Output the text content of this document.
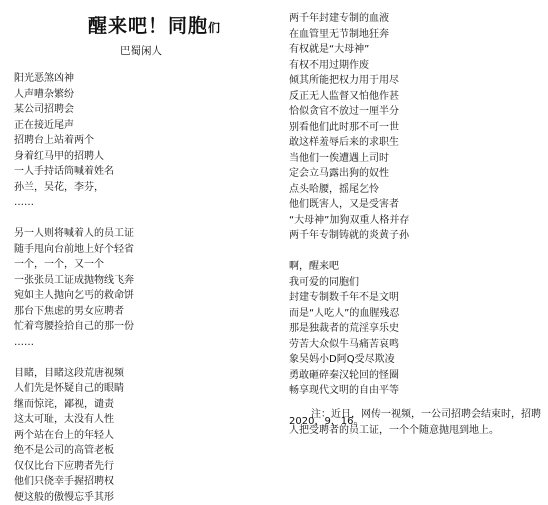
醒来吧！同胞们
巴蜀闲人
阳光恶煞凶神
人声嘈杂繁纷
某公司招聘会
正在接近尾声
招聘台上站着两个
身着红马甲的招聘人
一人手持话筒喊着姓名
孙兰，吴花，李芬，
……
另一人则将喊着人的员工证
随手甩向台前地上好个轻省
一个，一个，又一个
一张张员工证成抛物线飞奔
宛如主人抛向乞丐的救命饼
那台下焦虑的男女应聘者
忙着弯腰捡拾自己的那一份
……
目睹，目睹这段荒唐视频
人们先是怀疑自己的眼睛
继而惊诧，鄙视，谴责
这太可耻，太没有人性
两个站在台上的年轻人
绝不是公司的高管老板
仅仅比台下应聘者先行
他们只侥幸手握招聘权
便这般的傲慢忘乎其形
两千年封建专制的血液
在血管里无节制地狂奔
有权就是“大母神”
有权不用过期作废
倾其所能把权力用于用尽
反正无人监督又怕他作甚
恰似贪官不放过一厘半分
别看他们此时那不可一世
敢这样羞辱后来的求职生
当他们一俟遭遇上司时
定会立马露出狗的奴性
点头哈腰，摇尾乞怜
他们既害人，又是受害者
“大母神”加狗双重人格并存
两千年专制铸就的炎黄子孙
啊，醒来吧
我可爱的同胞们
封建专制数千年不是文明
而是“人吃人”的血腥残忍
那是独裁者的荒淫享乐史
劳苦大众似牛马痛苦哀鸣
象吴妈小D阿Q受尽欺凌
勇敢砸碎秦汉轮回的怪圈
畅享现代文明的自由平等
2020，9，16。
注：近日，网传一视频，一公司招聘会结束时，招聘人把受聘者的员工证，一个个随意抛甩到地上。
